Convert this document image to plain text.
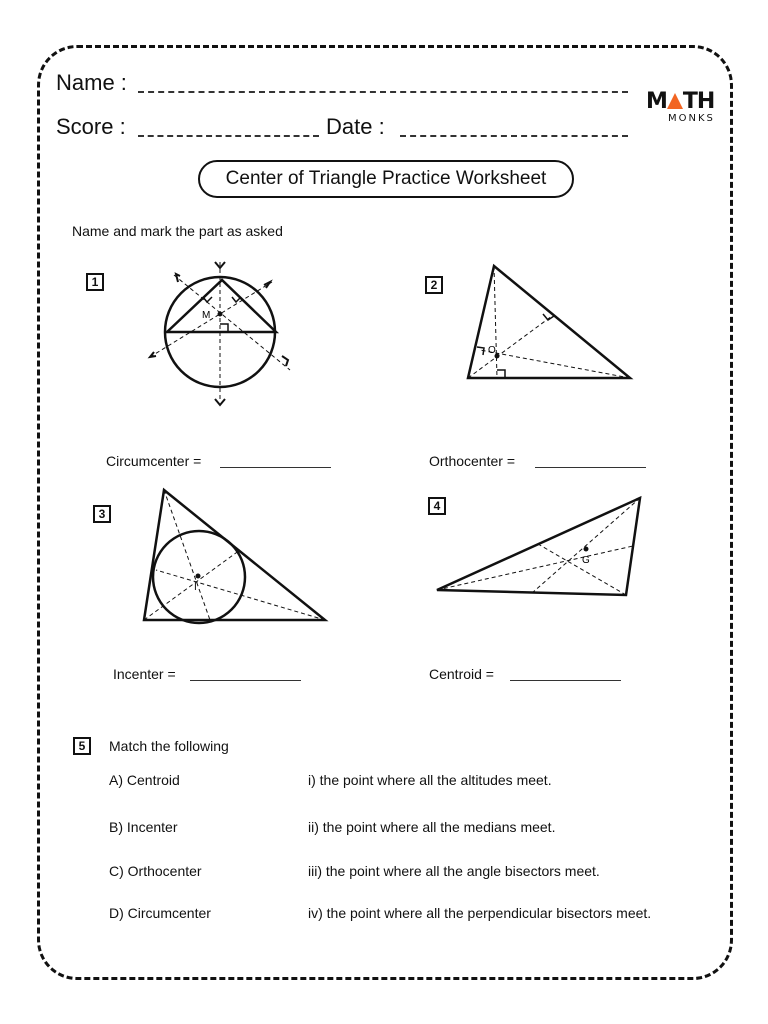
Name :
Score :	Date :
M TH
MONKS
Center of Triangle Practice Worksheet
Name and mark the part as asked
1
M
Circumcenter =
2
O
Orthocenter =
3
I
Incenter =
4
G
Centroid =
5	Match the following
A) Centroid
B) Incenter
C) Orthocenter
D) Circumcenter
i) the point where all the altitudes meet.
ii) the point where all the medians meet.
iii) the point where all the angle bisectors meet.
iv) the point where all the perpendicular bisectors meet.
